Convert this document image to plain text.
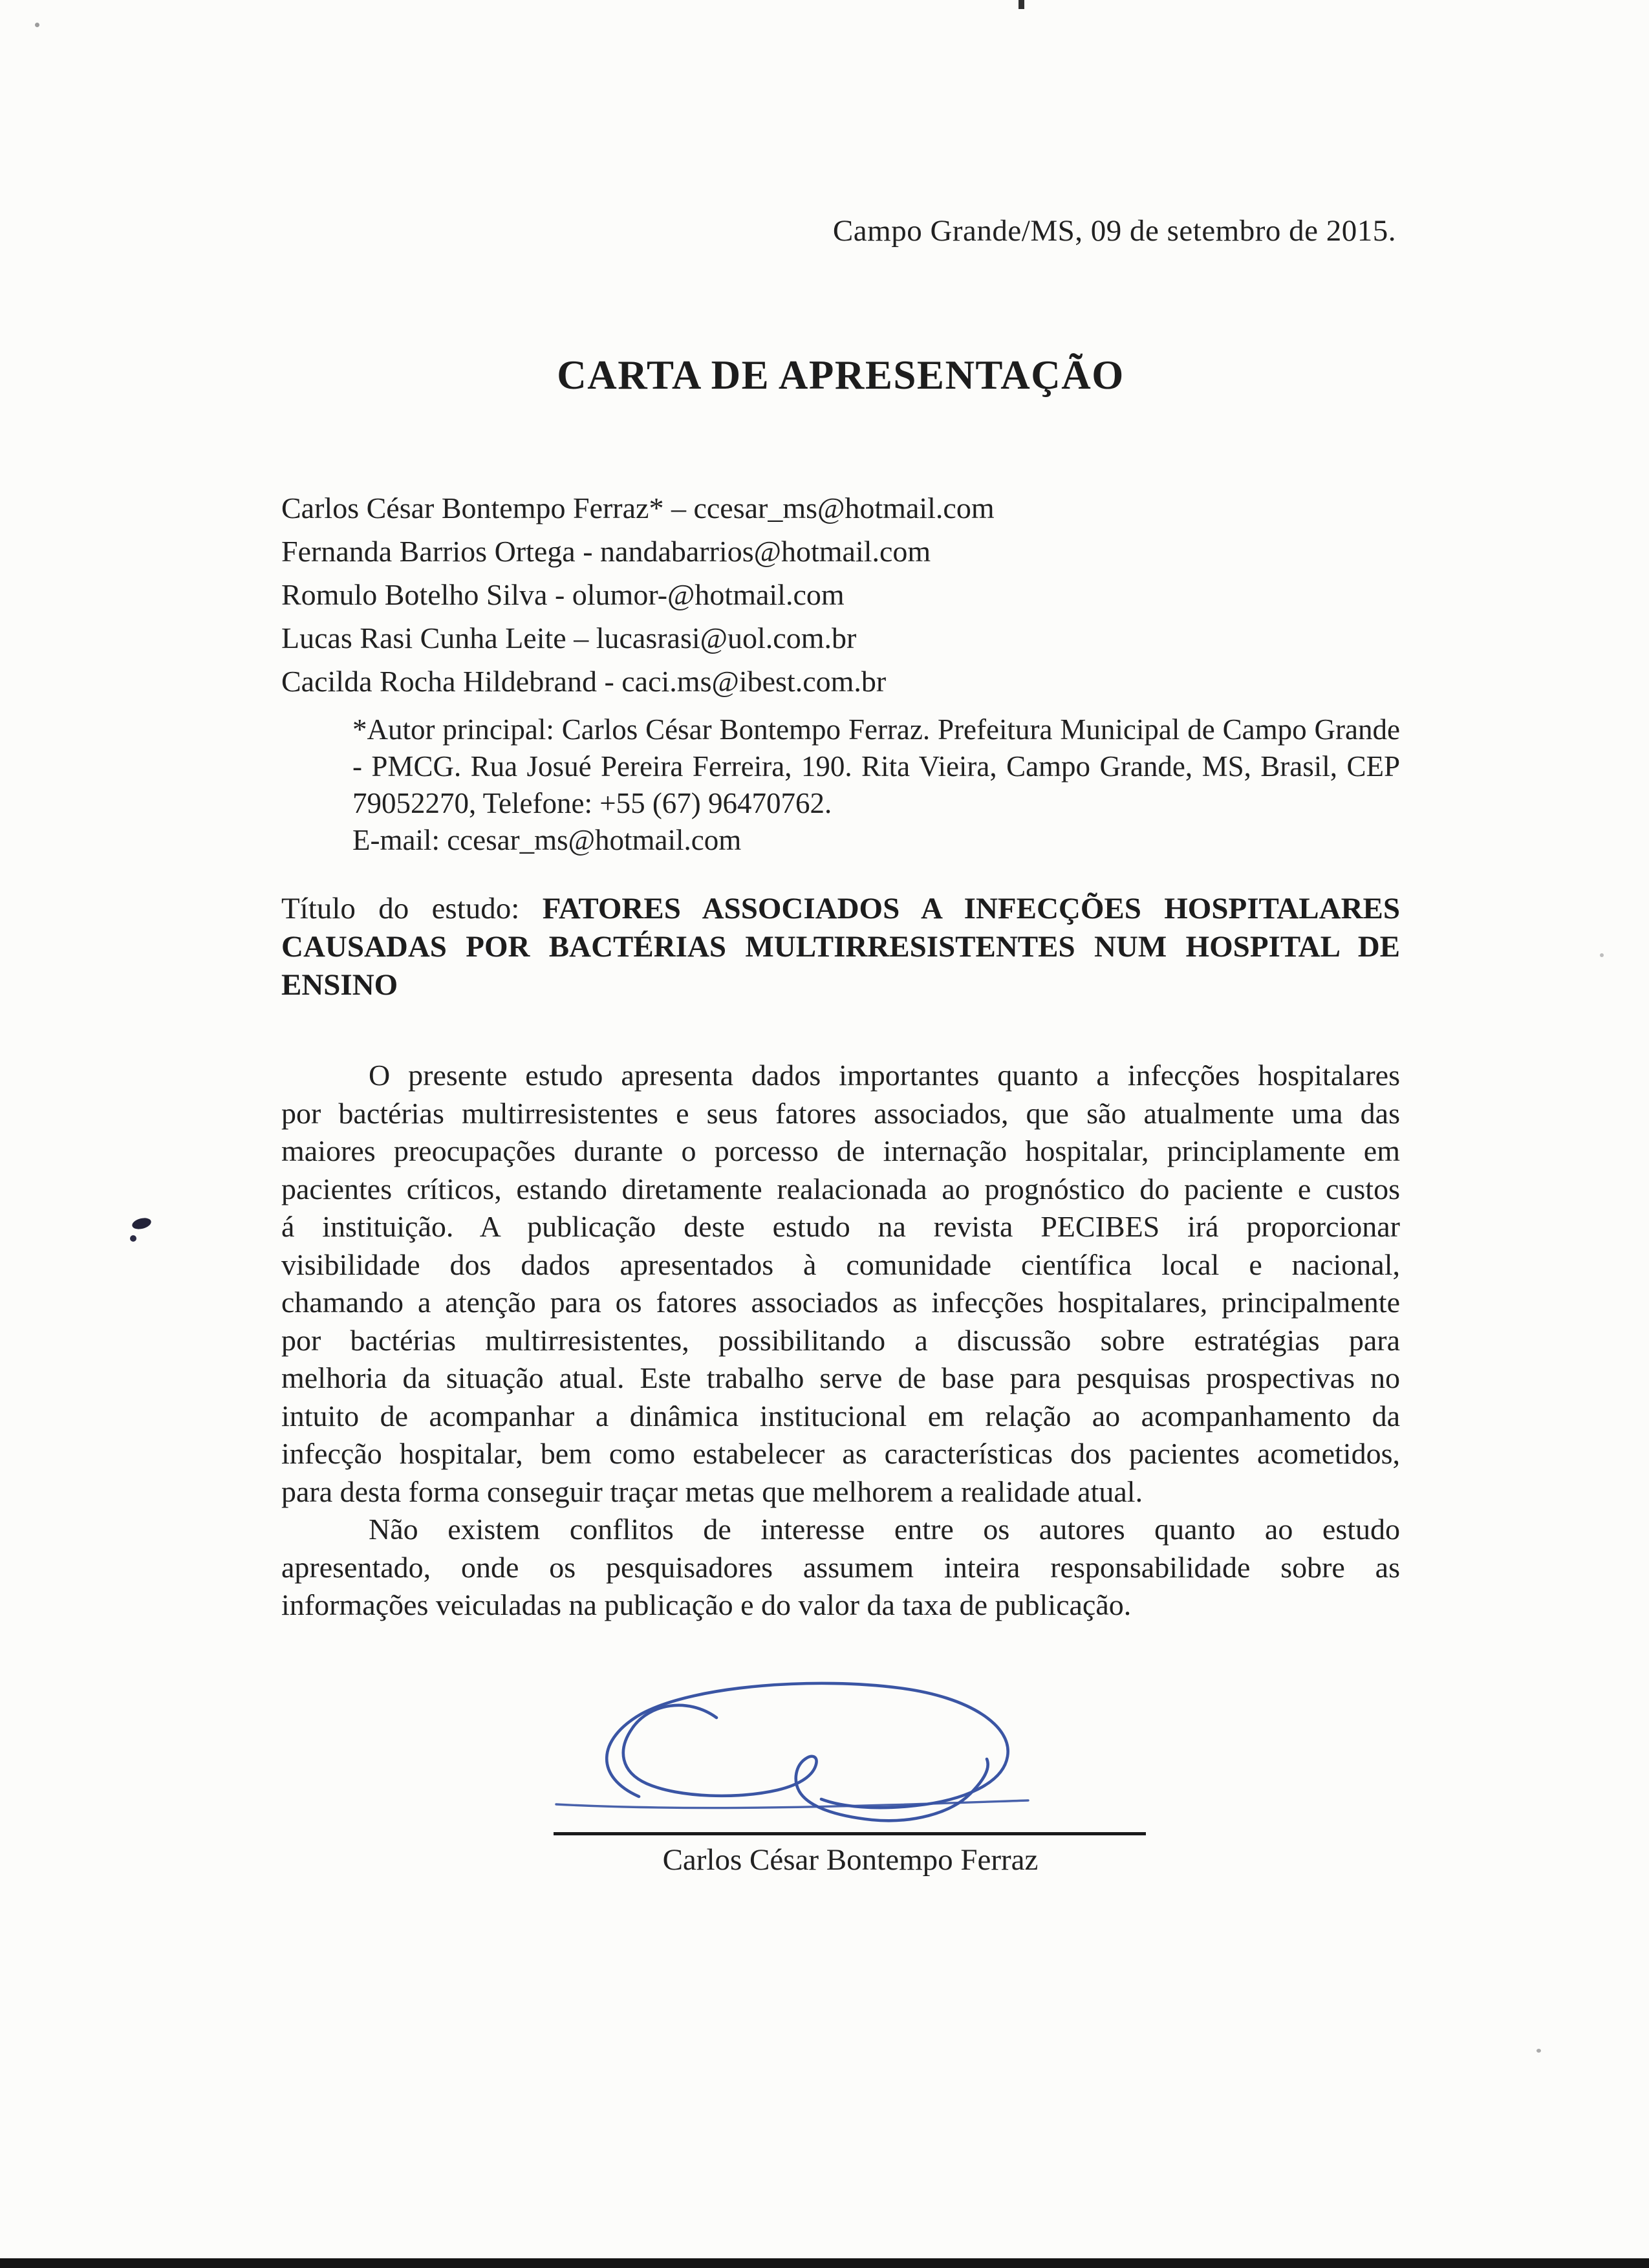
Campo Grande/MS, 09 de setembro de 2015.
CARTA DE APRESENTAÇÃO
Carlos César Bontempo Ferraz* – ccesar_ms@hotmail.com
Fernanda Barrios Ortega - nandabarrios@hotmail.com
Romulo Botelho Silva - olumor-@hotmail.com
Lucas Rasi Cunha Leite – lucasrasi@uol.com.br
Cacilda Rocha Hildebrand - caci.ms@ibest.com.br
*Autor principal: Carlos César Bontempo Ferraz. Prefeitura Municipal de Campo Grande
- PMCG. Rua Josué Pereira Ferreira, 190. Rita Vieira, Campo Grande, MS, Brasil, CEP
79052270, Telefone: +55 (67) 96470762.
E-mail: ccesar_ms@hotmail.com
Título do estudo: FATORES ASSOCIADOS A INFECÇÕES HOSPITALARES
CAUSADAS POR BACTÉRIAS MULTIRRESISTENTES NUM HOSPITAL DE
ENSINO
O presente estudo apresenta dados importantes quanto a infecções hospitalares
por bactérias multirresistentes e seus fatores associados, que são atualmente uma das
maiores preocupações durante o porcesso de internação hospitalar, principlamente em
pacientes críticos, estando diretamente realacionada ao prognóstico do paciente e custos
á instituição. A publicação deste estudo na revista PECIBES irá proporcionar
visibilidade dos dados apresentados à comunidade científica local e nacional,
chamando a atenção para os fatores associados as infecções hospitalares, principalmente
por bactérias multirresistentes, possibilitando a discussão sobre estratégias para
melhoria da situação atual. Este trabalho serve de base para pesquisas prospectivas no
intuito de acompanhar a dinâmica institucional em relação ao acompanhamento da
infecção hospitalar, bem como estabelecer as características dos pacientes acometidos,
para desta forma conseguir traçar metas que melhorem a realidade atual.
Não existem conflitos de interesse entre os autores quanto ao estudo
apresentado, onde os pesquisadores assumem inteira responsabilidade sobre as
informações veiculadas na publicação e do valor da taxa de publicação.
Carlos César Bontempo Ferraz
